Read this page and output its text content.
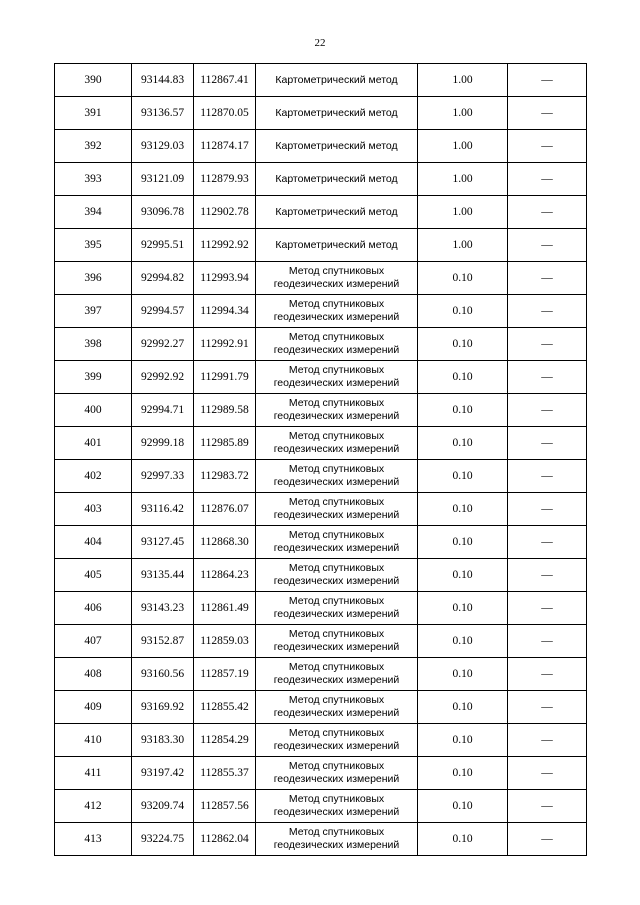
22
390	93144.83	112867.41	Картометрический метод	1.00	—
391	93136.57	112870.05	Картометрический метод	1.00	—
392	93129.03	112874.17	Картометрический метод	1.00	—
393	93121.09	112879.93	Картометрический метод	1.00	—
394	93096.78	112902.78	Картометрический метод	1.00	—
395	92995.51	112992.92	Картометрический метод	1.00	—
396	92994.82	112993.94	Метод спутниковых геодезических измерений	0.10	—
397	92994.57	112994.34	Метод спутниковых геодезических измерений	0.10	—
398	92992.27	112992.91	Метод спутниковых геодезических измерений	0.10	—
399	92992.92	112991.79	Метод спутниковых геодезических измерений	0.10	—
400	92994.71	112989.58	Метод спутниковых геодезических измерений	0.10	—
401	92999.18	112985.89	Метод спутниковых геодезических измерений	0.10	—
402	92997.33	112983.72	Метод спутниковых геодезических измерений	0.10	—
403	93116.42	112876.07	Метод спутниковых геодезических измерений	0.10	—
404	93127.45	112868.30	Метод спутниковых геодезических измерений	0.10	—
405	93135.44	112864.23	Метод спутниковых геодезических измерений	0.10	—
406	93143.23	112861.49	Метод спутниковых геодезических измерений	0.10	—
407	93152.87	112859.03	Метод спутниковых геодезических измерений	0.10	—
408	93160.56	112857.19	Метод спутниковых геодезических измерений	0.10	—
409	93169.92	112855.42	Метод спутниковых геодезических измерений	0.10	—
410	93183.30	112854.29	Метод спутниковых геодезических измерений	0.10	—
411	93197.42	112855.37	Метод спутниковых геодезических измерений	0.10	—
412	93209.74	112857.56	Метод спутниковых геодезических измерений	0.10	—
413	93224.75	112862.04	Метод спутниковых геодезических измерений	0.10	—
